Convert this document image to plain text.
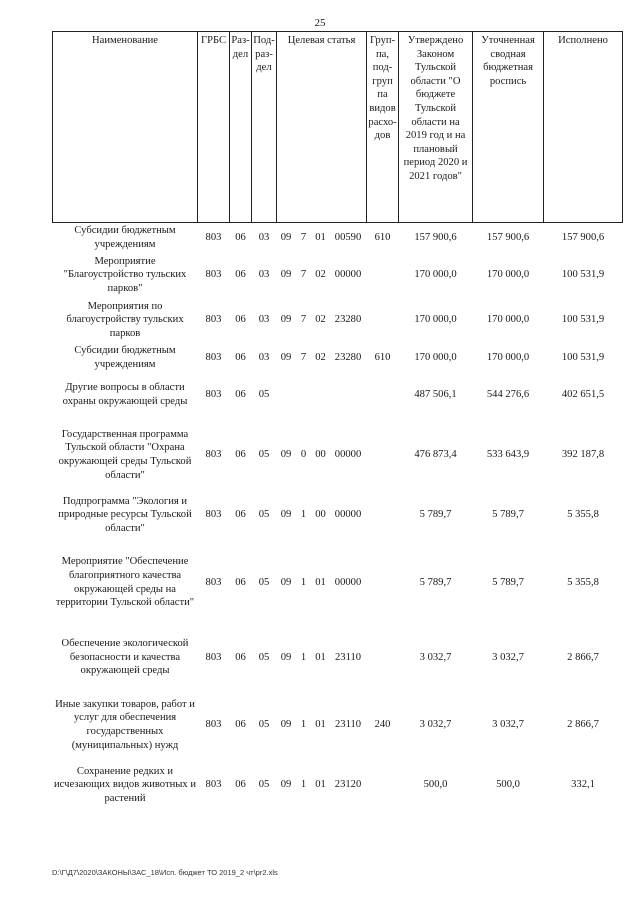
25
Наименование	ГРБС	Раз-дел	Под-раз-дел	Целевая статья				Груп-па, под-груп па видов расхо-дов	Утверждено Законом Тульской области "О бюджете Тульской области на 2019 год и на плановый период 2020 и 2021 годов"	Уточненная сводная бюджетная роспись	Исполнено
Субсидии бюджетным учреждениям	803	06	03	09	7	01	00590	610	157 900,6	157 900,6	157 900,6
Мероприятие "Благоустройство тульских парков"	803	06	03	09	7	02	00000		170 000,0	170 000,0	100 531,9
Мероприятия по благоустройству тульских парков	803	06	03	09	7	02	23280		170 000,0	170 000,0	100 531,9
Субсидии бюджетным учреждениям	803	06	03	09	7	02	23280	610	170 000,0	170 000,0	100 531,9
Другие вопросы в области охраны окружающей среды	803	06	05						487 506,1	544 276,6	402 651,5
Государственная программа Тульской области "Охрана окружающей среды Тульской области"	803	06	05	09	0	00	00000		476 873,4	533 643,9	392 187,8
Подпрограмма "Экология и природные ресурсы Тульской области"	803	06	05	09	1	00	00000		5 789,7	5 789,7	5 355,8
Мероприятие "Обеспечение благоприятного качества окружающей среды на территории Тульской области"	803	06	05	09	1	01	00000		5 789,7	5 789,7	5 355,8
Обеспечение экологической безопасности и качества окружающей среды	803	06	05	09	1	01	23110		3 032,7	3 032,7	2 866,7
Иные закупки товаров, работ и услуг для обеспечения государственных (муниципальных) нужд	803	06	05	09	1	01	23110	240	3 032,7	3 032,7	2 866,7
Сохранение редких и исчезающих видов животных и растений	803	06	05	09	1	01	23120		500,0	500,0	332,1
D:\Г\Д7\2020\ЗАКОНЫ\ЗАС_18\Исп. бюджет ТО 2019_2 чт\pr2.xls
